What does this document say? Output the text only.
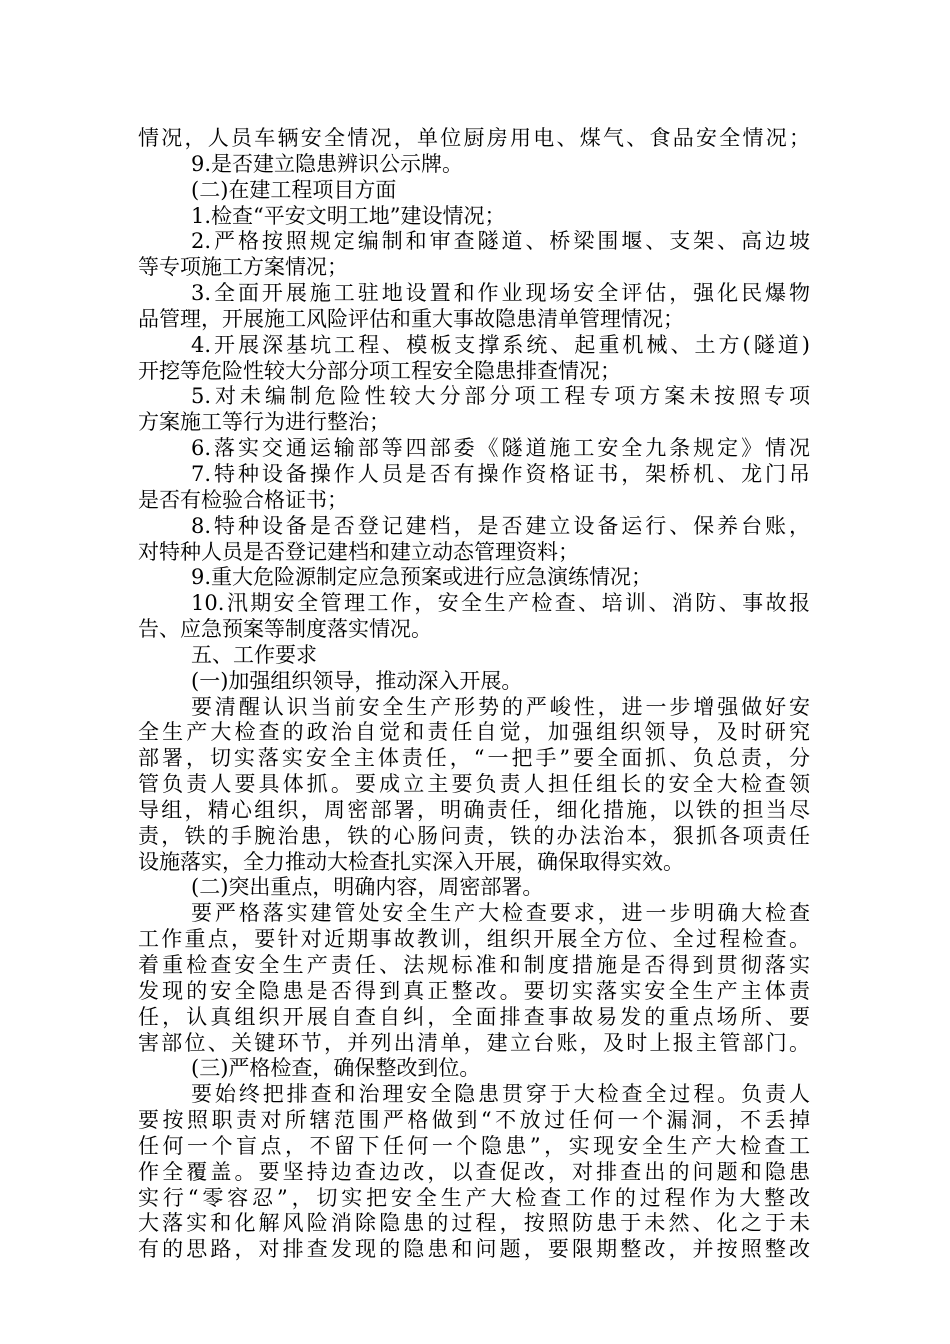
情况，人员车辆安全情况，单位厨房用电、煤气、食品安全情况；
9.是否建立隐患辨识公示牌。
(二)在建工程项目方面
1.检查“平安文明工地”建设情况；
2.严格按照规定编制和审查隧道、桥梁围堰、支架、高边坡
等专项施工方案情况；
3.全面开展施工驻地设置和作业现场安全评估，强化民爆物
品管理，开展施工风险评估和重大事故隐患清单管理情况；
4.开展深基坑工程、模板支撑系统、起重机械、土方(隧道)
开挖等危险性较大分部分项工程安全隐患排查情况；
5.对未编制危险性较大分部分项工程专项方案未按照专项
方案施工等行为进行整治；
6.落实交通运输部等四部委《隧道施工安全九条规定》情况
7.特种设备操作人员是否有操作资格证书，架桥机、龙门吊
是否有检验合格证书；
8.特种设备是否登记建档，是否建立设备运行、保养台账，
对特种人员是否登记建档和建立动态管理资料；
9.重大危险源制定应急预案或进行应急演练情况；
10.汛期安全管理工作，安全生产检查、培训、消防、事故报
告、应急预案等制度落实情况。
五、工作要求
(一)加强组织领导，推动深入开展。
要清醒认识当前安全生产形势的严峻性，进一步增强做好安
全生产大检查的政治自觉和责任自觉，加强组织领导，及时研究
部署，切实落实安全主体责任，“一把手”要全面抓、负总责，分
管负责人要具体抓。要成立主要负责人担任组长的安全大检查领
导组，精心组织，周密部署，明确责任，细化措施，以铁的担当尽
责，铁的手腕治患，铁的心肠问责，铁的办法治本，狠抓各项责任
设施落实，全力推动大检查扎实深入开展，确保取得实效。
(二)突出重点，明确内容，周密部署。
要严格落实建管处安全生产大检查要求，进一步明确大检查
工作重点，要针对近期事故教训，组织开展全方位、全过程检查。
着重检查安全生产责任、法规标准和制度措施是否得到贯彻落实
发现的安全隐患是否得到真正整改。要切实落实安全生产主体责
任，认真组织开展自查自纠，全面排查事故易发的重点场所、要
害部位、关键环节，并列出清单，建立台账，及时上报主管部门。
(三)严格检查，确保整改到位。
要始终把排查和治理安全隐患贯穿于大检查全过程。负责人
要按照职责对所辖范围严格做到“不放过任何一个漏洞，不丢掉
任何一个盲点，不留下任何一个隐患”，实现安全生产大检查工
作全覆盖。要坚持边查边改，以查促改，对排查出的问题和隐患
实行“零容忍”，切实把安全生产大检查工作的过程作为大整改
大落实和化解风险消除隐患的过程，按照防患于未然、化之于未
有的思路，对排查发现的隐患和问题，要限期整改，并按照整改
